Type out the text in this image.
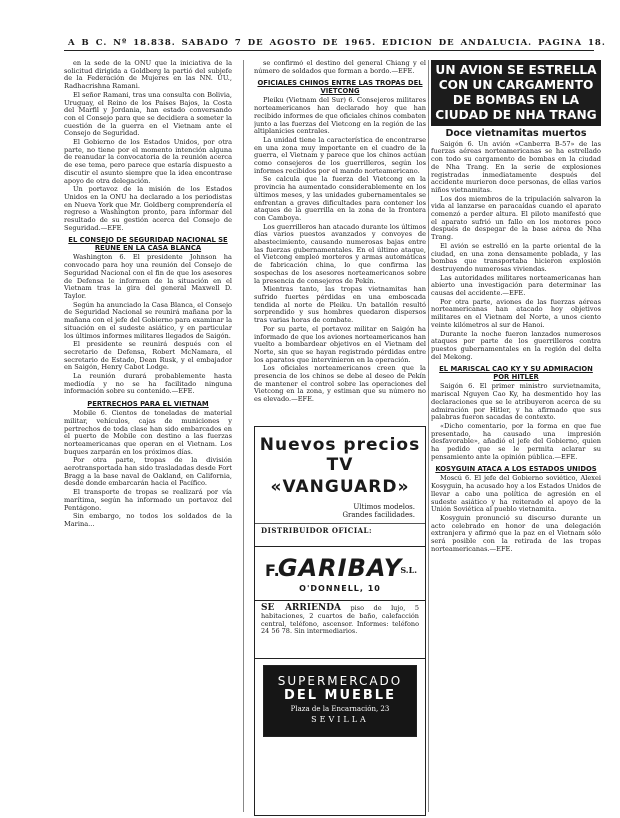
A B C. Nº 18.838. SABADO 7 DE AGOSTO DE 1965. EDICION DE ANDALUCIA. PAGINA 18.

en la sede de la ONU que la iniciativa de la solicitud dirigida a Goldberg la partió del subjefe de la Federación de Mujeres en las NN. UU., Radhacrishna Ramani.

El señor Ramani, tras una consulta con Bolivia, Uruguay, el Reino de los Países Bajos, la Costa del Marfil y Jordania, han estado conversando con el Consejo para que se decidiera a someter la cuestión de la guerra en el Vietnam ante el Consejo de Seguridad.

El Gobierno de los Estados Unidos, por otra parte, no tiene por el momento intención alguna de reanudar la convocatoria de la reunión acerca de ese tema, pero parece que estaría dispuesto a discutir el asunto siempre que la idea encontrase apoyo de otra delegación.

Un portavoz de la misión de los Estados Unidos en la ONU ha declarado a los periodistas en Nueva York que Mr. Goldberg comprendería el regreso a Washington pronto, para informar del resultado de su gestión acerca del Consejo de Seguridad.—EFE.

EL CONSEJO DE SEGURIDAD NACIONAL SE REUNE EN LA CASA BLANCA

Washington 6. El presidente Johnson ha convocado para hoy una reunión del Consejo de Seguridad Nacional con el fin de que los asesores de Defensa le informen de la situación en el Vietnam tras la gira del general Maxwell D. Taylor.

Según ha anunciado la Casa Blanca, el Consejo de Seguridad Nacional se reunirá mañana por la mañana con el jefe del Gobierno para examinar la situación en el sudeste asiático, y en particular los últimos informes militares llegados de Saigón.

El presidente se reunirá después con el secretario de Defensa, Robert McNamara, el secretario de Estado, Dean Rusk, y el embajador en Saigón, Henry Cabot Lodge.

La reunión durará probablemente hasta mediodía y no se ha facilitado ninguna información sobre su contenido.—EFE.

PERTRECHOS PARA EL VIETNAM

Mobile 6. Cientos de toneladas de material militar, vehículos, cajas de municiones y pertrechos de toda clase han sido embarcados en el puerto de Mobile con destino a las fuerzas norteamericanas que operan en el Vietnam. Los buques zarparán en los próximos días.

Por otra parte, tropas de la división aerotransportada han sido trasladadas desde Fort Bragg a la base naval de Oakland, en California, desde donde embarcarán hacia el Pacífico.

El transporte de tropas se realizará por vía marítima, según ha informado un portavoz del Pentágono.

Sin embargo, no todos los soldados de la Marina...

se confirmó el destino del general Chiang y el número de soldados que forman a bordo.—EFE.

OFICIALES CHINOS ENTRE LAS TROPAS DEL VIETCONG

Pleiku (Vietnam del Sur) 6. Consejeros militares norteamericanos han declarado hoy que han recibido informes de que oficiales chinos combaten junto a las fuerzas del Vietcong en la región de las altiplanicies centrales.

La unidad tiene la característica de encontrarse en una zona muy importante en el cuadro de la guerra, el Vietnam y parece que los chinos actúan como consejeros de los guerrilleros, según los informes recibidos por el mando norteamericano.

Se calcula que la fuerza del Vietcong en la provincia ha aumentado considerablemente en los últimos meses, y las unidades gubernamentales se enfrentan a graves dificultades para contener los ataques de la guerrilla en la zona de la frontera con Camboya.

Los guerrilleros han atacado durante los últimos días varios puestos avanzados y convoyes de abastecimiento, causando numerosas bajas entre las fuerzas gubernamentales. En el último ataque, el Vietcong empleó morteros y armas automáticas de fabricación china, lo que confirma las sospechas de los asesores norteamericanos sobre la presencia de consejeros de Pekín.

Mientras tanto, las tropas vietnamitas han sufrido fuertes pérdidas en una emboscada tendida al norte de Pleiku. Un batallón resultó sorprendido y sus hombres quedaron dispersos tras varias horas de combate.

Por su parte, el portavoz militar en Saigón ha informado de que los aviones norteamericanos han vuelto a bombardear objetivos en el Vietnam del Norte, sin que se hayan registrado pérdidas entre los aparatos que intervinieron en la operación.

Los oficiales norteamericanos creen que la presencia de los chinos se debe al deseo de Pekín de mantener el control sobre las operaciones del Vietcong en la zona, y estiman que su número no es elevado.—EFE.

Nuevos precios TV
«VANGUARD»
Ultimos modelos.
Grandes facilidades.
DISTRIBUIDOR OFICIAL:
F.
GARIBAY
S.L.
O'DONNELL, 10
SE ARRIENDA piso de lujo, 5 habitaciones, 2 cuartos de baño, calefacción central, teléfono, ascensor. Informes: teléfono 24 56 78. Sin intermediarios.
SUPERMERCADO
DEL MUEBLE
Plaza de la Encarnación, 23
SEVILLA
UN AVION SE ESTRELLA CON UN CARGAMENTO DE BOMBAS EN LA CIUDAD DE NHA TRANG
Doce vietnamitas muertos

Saigón 6. Un avión «Canberra B-57» de las fuerzas aéreas norteamericanas se ha estrellado con todo su cargamento de bombas en la ciudad de Nha Trang. En la serie de explosiones registradas inmediatamente después del accidente murieron doce personas, de ellas varios niños vietnamitas.

Los dos miembros de la tripulación salvaron la vida al lanzarse en paracaídas cuando el aparato comenzó a perder altura. El piloto manifestó que el aparato sufrió un fallo en los motores poco después de despegar de la base aérea de Nha Trang.

El avión se estrelló en la parte oriental de la ciudad, en una zona densamente poblada, y las bombas que transportaba hicieron explosión destruyendo numerosas viviendas.

Las autoridades militares norteamericanas han abierto una investigación para determinar las causas del accidente.—EFE.

Por otra parte, aviones de las fuerzas aéreas norteamericanas han atacado hoy objetivos militares en el Vietnam del Norte, a unos ciento veinte kilómetros al sur de Hanoi.

Durante la noche fueron lanzados numerosos ataques por parte de los guerrilleros contra puestos gubernamentales en la región del delta del Mekong.

EL MARISCAL CAO KY Y SU ADMIRACION POR HITLER

Saigón 6. El primer ministro survietnamita, mariscal Nguyen Cao Ky, ha desmentido hoy las declaraciones que se le atribuyeron acerca de su admiración por Hitler, y ha afirmado que sus palabras fueron sacadas de contexto.

«Dicho comentario, por la forma en que fue presentado, ha causado una impresión desfavorable», añadió el jefe del Gobierno, quien ha pedido que se le permita aclarar su pensamiento ante la opinión pública.—EFE.

KOSYGUIN ATACA A LOS ESTADOS UNIDOS

Moscú 6. El jefe del Gobierno soviético, Alexei Kosyguin, ha acusado hoy a los Estados Unidos de llevar a cabo una política de agresión en el sudeste asiático y ha reiterado el apoyo de la Unión Soviética al pueblo vietnamita.

Kosyguin pronunció su discurso durante un acto celebrado en honor de una delegación extranjera y afirmó que la paz en el Vietnam sólo será posible con la retirada de las tropas norteamericanas.—EFE.
